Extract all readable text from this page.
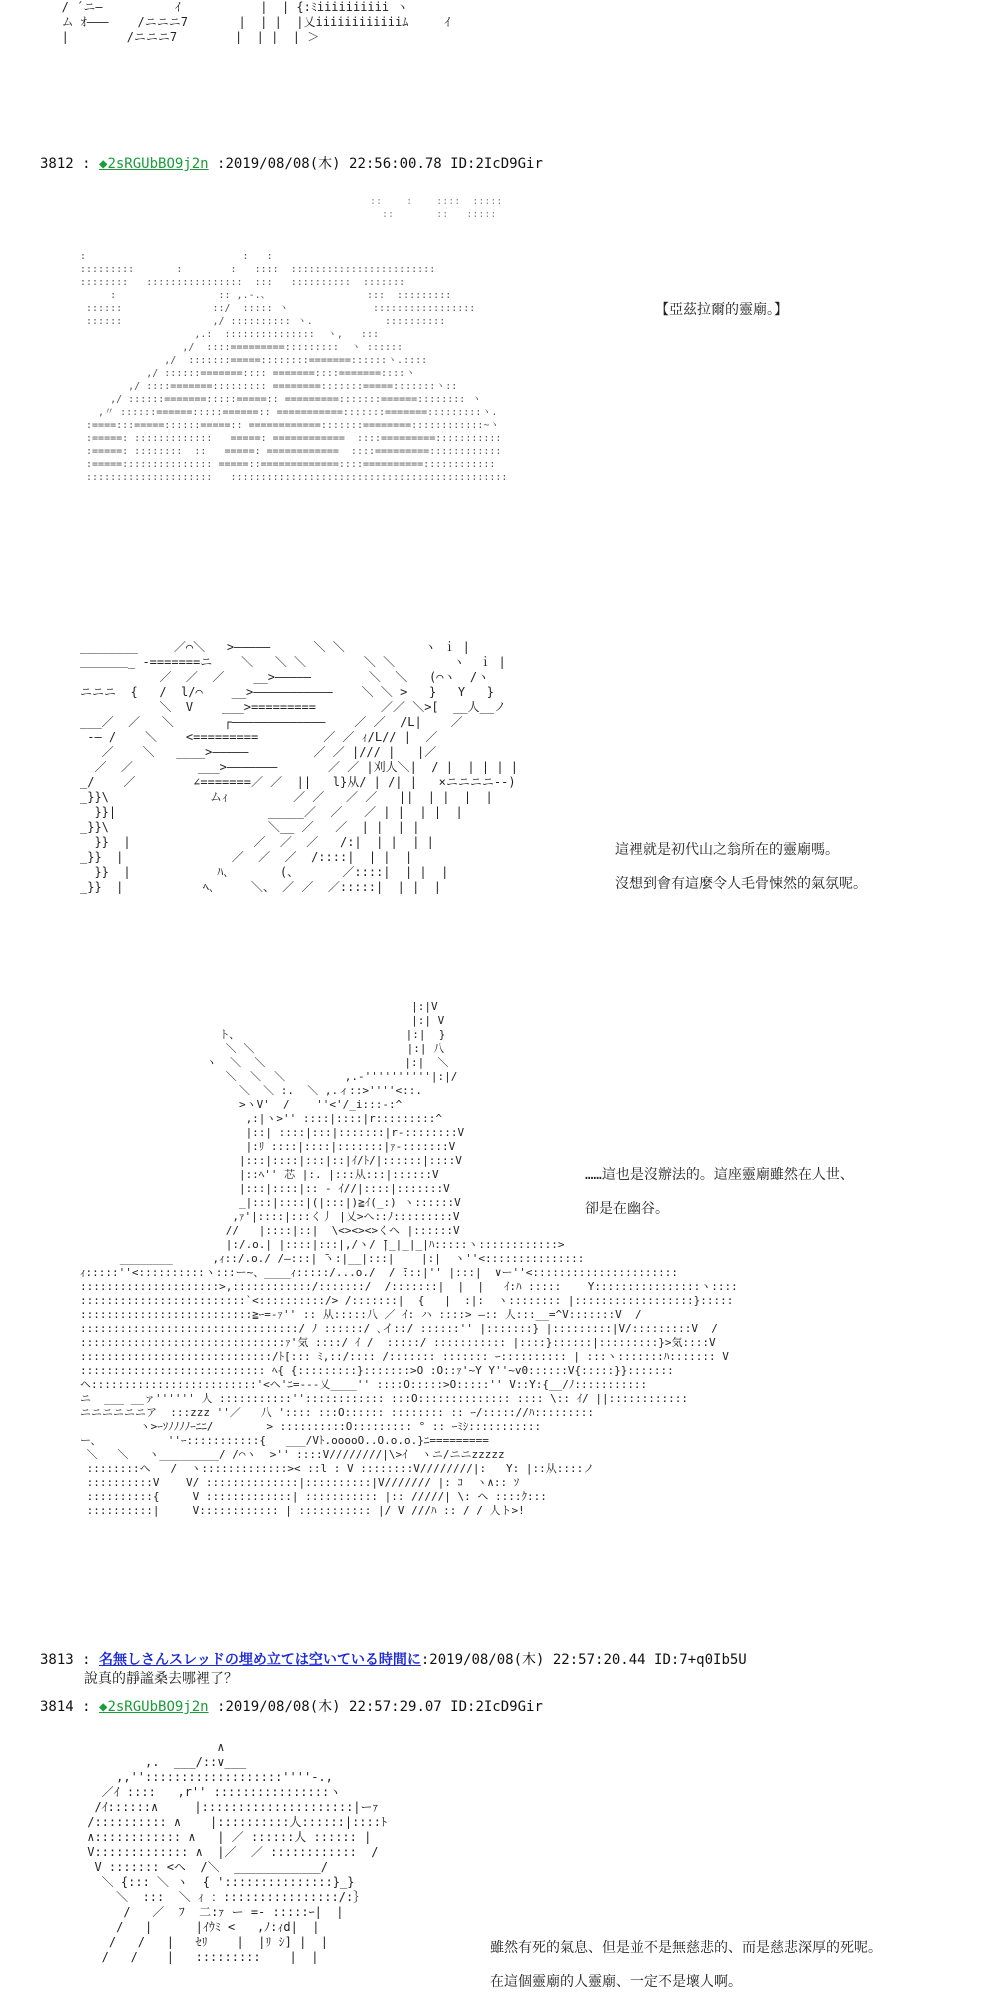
/ ´ニ―          ｲ           |  | {:ﾐiiiiiiiiii ヽ
ム ｵ―――    /ニニニ7       |  | |  |乂iiiiiiiiiiiiﾑ     ｲ
|        /ニニニ7        |  | |  | ＞

3812 : ◆2sRGUbBO9j2n :2019/08/08(木) 22:56:00.78 ID:2IcD9Gir

::    :    ::::  :::::
::       ::   :::::

:                          :   :
:::::::::       :        :   ::::  ::::::::::::::::::::::::
::::::::   ::::::::::::::::  :::   ::::::::::  :::::::
:                 :: ,.-.、                :::  :::::::::
::::::               ::/  ::::: ヽ              :::::::::::::::::
::::::               ,/ :::::::::: ヽ.            ::::::::::
,.:  :::::::::::::::  ヽ,   :::
,/  ::::=========:::::::::  ヽ ::::::
,/  :::::::=====::::::::=======::::::ヽ.::::
,/ ::::::=======:::: =======::::=======::::ヽ
,/ ::::=======::::::::: ========:::::::=====:::::::ヽ::
,/ ::::::=======:::::=====:: =========:::::::======:::::::: ヽ
,〃 ::::::======:::::======:: ===========:::::::=======:::::::::ヽ.
:====:::=====::::::=====:: ============:::::::========::::::::::::~ヽ
:=====: :::::::::::::   =====: ============  ::::=========:::::::::::
:=====: ::::::::  ::   =====: ============  ::::=========::::::::::::
:=====::::::::::::::: =====::=============::::==========::::::::::::
:::::::::::::::::::::   ::::::::::::::::::::::::::::::::::::::::::::::

【亞茲拉爾的靈廟。】

________     ／⌒＼   >―――――      ＼ ＼           ヽ ｉ |
＿＿＿＿_ -=======ニ    ＼   ＼ ＼        ＼ ＼        ヽ  ｉ |
／  ／  ／    __>―――――        ＼  ＼   (⌒ヽ  /ヽ
ニニニ  {   /  l/⌒    __>―――――――――――    ＼ ＼ >   }   Y   }
＼  V    ___>=========         ／／ ＼>[  __人__ノ
___／  ／   ＼       ┌―――――――――――――    ／ ／  /L|    ／
-― /    ＼    <=========         ／ ／ ｨ/L// |  ／
／    ＼   ____>―――――         ／ ／ |/// |   |／
／  ／         ___>―――――――       ／ ／ |刈人＼|  / |  | | | |
_/    ／        ∠=======／ ／  ||   l}从/ | /| |   ×ニニニニ--)
_}}\              ムｨ         ／ ／   ／ ／   ||  | |  |  |
}}|                     _____／  ／   ／ | |  | |  |
_}}\                      ＼__ ／   ／  | |  | |
}}  |                 ／  ／  ／   /:|  | |  | |
_}}  |               ／  ／  ／  /::::|  | |  |
}}  |            ﾊ､       (、      ／::::|  | |  |
_}}  |           ﾍ､     ＼、 ／ ／  ／:::::|  | |  |

這裡就是初代山之翁所在的靈廟嗎。

沒想到會有這麼令人毛骨悚然的氣氛呢。

|:|V
|:| V
ト、                         |:|  }
＼ ＼                       |:| 八
ヽ  ＼  ＼                     |:|  ＼
＼  ＼  ＼         ,.-''''''''''|:|/
＼  ＼ :.  ＼ ,.ィ::>''''<::.
>ヽV'  /    ''<'/_i:::-:^
,:|ヽ>'' ::::|::::|r:::::::::^
|::| ::::|:::|:::::::|r-::::::::V
|:ﾘ ::::|::::|:::::::|ｧ-:::::::V
|:::|::::|:::|::|ｲ/ﾄ/|::::::|::::V
|::ﾍ'' 芯 |:. |:::从:::|::::::V
|:::|::::|:: - ｲ//|::::|:::::::V
_|:::|::::|(|:::|)≧ｲ(_:) ヽ::::::V
,ｧ'|::::|:::く丿 |乂>へ::ﾉ:::::::::V
//   |::::|::|  \<><><>くヘ |::::::V
|:/.o.| |::::|:::|,/ヽ/ ̄|_|_|_|ﾊ:::::ヽ::::::::::::>
________      ,ｨ::/.o./ /―:::| ̄ヽ:|__|:::|    |:|  ヽ''<:::::::::::::::
ｨ:::::''<::::::::::ヽ:::ー~、____ｨ:::::/...o./  / ̄:::|'' |:::|  ∨ー''<::::::::::::::::::::::
:::::::::::::::::::::>,::::::::::::/:::::::/  /:::::::|  |  |   ｲ:ﾊ :::::    Y::::::::::::::::ヽ::::
:::::::::::::::::::::::::`<::::::::::/> /:::::::|  {   |  :|:  ヽ:::::::: |::::::::::::::::::}:::::
::::::::::::::::::::::::::≧ｰ=-ｧ'' :: 从:::::八 ／ ｲ: ハ ::::> ―:: 人:::__=^V:::::::V  /
:::::::::::::::::::::::::::::::::/ ﾉ ::::::/ ､イ::/ ::::::'' |:::::::} |:::::::::|V/:::::::::V  /
:::::::::::::::::::::::::::::::ｧ'気 ::::/ ｲ /  :::::/ ::::::::::: |::::}::::::|:::::::::}>気::::V
:::::::::::::::::::::::::::::/ﾄ[::: ﾐ,::/:::: /::::::: ::::::: ｰ:::::::::: | :::ヽ:::::::ﾊ::::::: V
:::::::::::::::::::::::::::: ﾍ{ {:::::::::}:::::::>O :O::ｧ'~Y Y''~v0::::::V{:::::}}:::::::
ヘ:::::::::::::::::::::::::'<ヘ'ﾆ=---乂____'' ::::O:::::>O:::::'' V::Y:{__/ﾉ:::::::::::
ニ  ___ __ァ'''''' 人 :::::::::::'':::::::::::: :::O:::::::::::::: :::: \:: ｲ/ ||::::::::::::
ニニニニニニア  :::zzz ''／   八 ':::: :::O:::::: :::::::: :: ｰ/::::://ﾊ:::::::::
ヽ>ｰｿﾉﾉﾉﾉｰﾆﾆ/        > ::::::::::O::::::::: ° :: ｰﾐｼ:::::::::::
ー、          ''ｰ:::::::::::{   ___/Vﾄ.ooooO..O.o.o.}ﾆ=========
＼   ＼   ヽ_________/ /⌒ヽ  >'' ::::V////////|\>ｲ  ヽニ/ニニzzzzz
::::::::ヘ   /  ヽ:::::::::::::>< ::l : V ::::::::V////////|:   Y: |::从::::ノ
::::::::::V    V/ ::::::::::::::|::::::::::|V/////// |: ｺ  ヽ∧:: ｿ
::::::::::{     V :::::::::::::| ::::::::::: |:: /////| \: ヘ ::::ｸ:::
::::::::::|     V:::::::::::: | ::::::::::: |/ V ///ﾊ :: / / 人ト>!

……這也是沒辦法的。這座靈廟雖然在人世、

卻是在幽谷。

3813 : 名無しさんスレッドの埋め立ては空いている時間に:2019/08/08(木) 22:57:20.44 ID:7+q0Ib5U

說真的靜謐桑去哪裡了？

3814 : ◆2sRGUbBO9j2n :2019/08/08(木) 22:57:29.07 ID:2IcD9Gir

∧
,.  ___/::∨___
,,'':::::::::::::::::::''''-.,
／ｲ ::::   ,r'' ::::::::::::::::ヽ
/ｲ::::::∧     |:::::::::::::::::::::|ーｧ
/:::::::::: ∧    |::::::::::人::::::|::::ﾄ
∧:::::::::::: ∧   | ／ ::::::人 :::::: |
V::::::::::::: ∧  |／  ／ ::::::::::::  /
V ::::::: <ヘ  /＼  ____________/
＼ {::: ＼ ヽ  { ':::::::::::::::}_}
＼  :::  ＼ ｨ ：::::::::::::::::/:｝
/   ／  ﾌ  二:ｧ ー =- :::::ｰ|  |
/   |      |ｲｳﾐ <   ,ﾉ:ｨd|  |
/   /   |   ｾﾘ    |  |ﾘ ｼ] |  |
/   /    |   :::::::::    |  |

雖然有死的氣息、但是並不是無慈悲的、而是慈悲深厚的死呢。

在這個靈廟的人靈廟、一定不是壞人啊。
